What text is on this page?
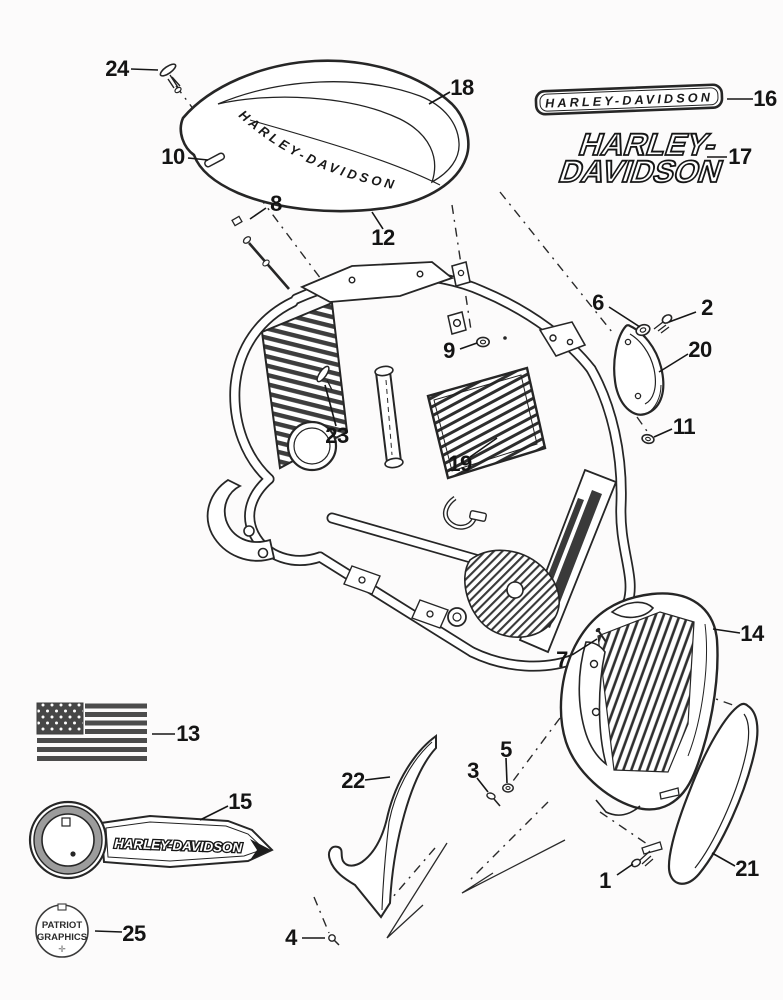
HARLEY-DAVIDSON
HARLEY-DAVIDSON
HARLEY-
DAVIDSON
HARLEY-DAVIDSON
PATRIOT
GRAPHICS
✛
1
2
3
4
5
6
7
8
9
10
11
12
13
14
15
16
17
18
19
20
21
22
23
24
25
